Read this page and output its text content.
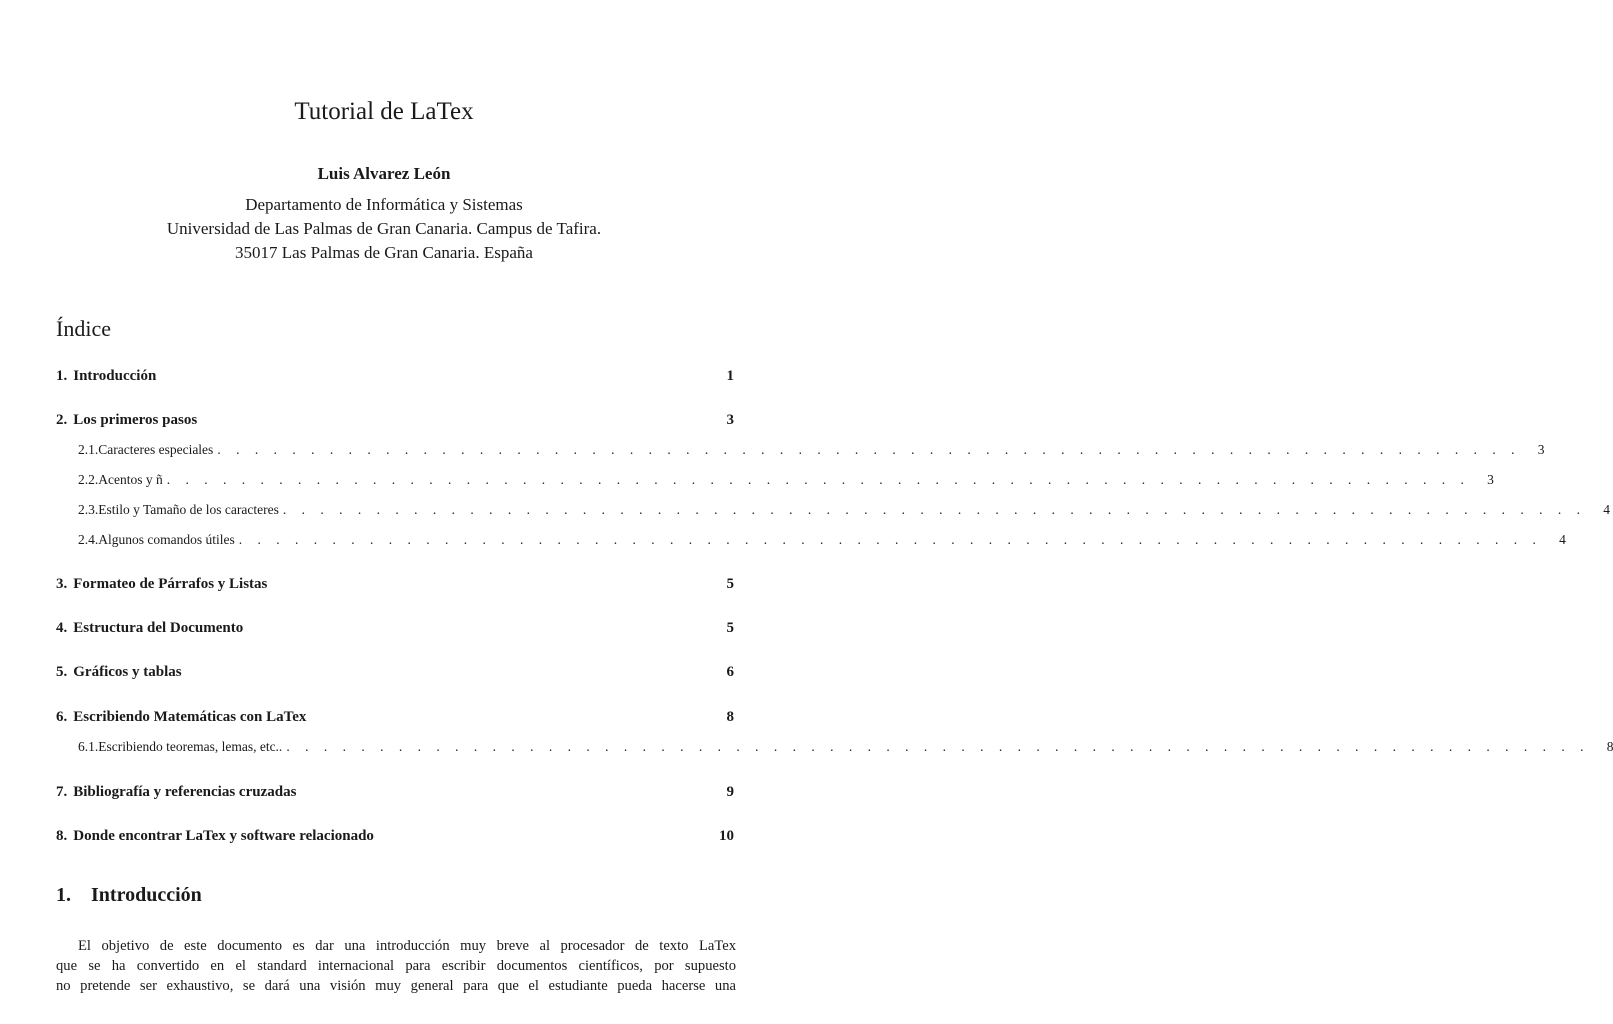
Tutorial de LaTex
Luis Alvarez León
Departamento de Informática y Sistemas
Universidad de Las Palmas de Gran Canaria. Campus de Tafira.
35017 Las Palmas de Gran Canaria. España
Índice
1. Introducción	1
2. Los primeros pasos	3
2.1. Caracteres especiales . . . . . . . . . . . . . . . . . . . . . . . . . . . . . . . . . . . . . . . . . . . . . . . . . . . . . . . . . . . . . . . . . . . . . .	3
2.2. Acentos y ñ . . . . . . . . . . . . . . . . . . . . . . . . . . . . . . . . . . . . . . . . . . . . . . . . . . . . . . . . . . . . . . . . . . . . . .	3
2.3. Estilo y Tamaño de los caracteres . . . . . . . . . . . . . . . . . . . . . . . . . . . . . . . . . . . . . . . . . . . . . . . . . . . . . . . . . . . . . . . . . . . . . .	4
2.4. Algunos comandos útiles . . . . . . . . . . . . . . . . . . . . . . . . . . . . . . . . . . . . . . . . . . . . . . . . . . . . . . . . . . . . . . . . . . . . . .	4
3. Formateo de Párrafos y Listas	5
4. Estructura del Documento	5
5. Gráficos y tablas	6
6. Escribiendo Matemáticas con LaTex	8
6.1. Escribiendo teoremas, lemas, etc.. . . . . . . . . . . . . . . . . . . . . . . . . . . . . . . . . . . . . . . . . . . . . . . . . . . . . . . . . . . . . . . . . . . . . . .	8
7. Bibliografía y referencias cruzadas	9
8. Donde encontrar LaTex y software relacionado	10
1. Introducción
El objetivo de este documento es dar una introducción muy breve al procesador de texto LaTex
que se ha convertido en el standard internacional para escribir documentos científicos, por supuesto
no pretende ser exhaustivo, se dará una visión muy general para que el estudiante pueda hacerse una
